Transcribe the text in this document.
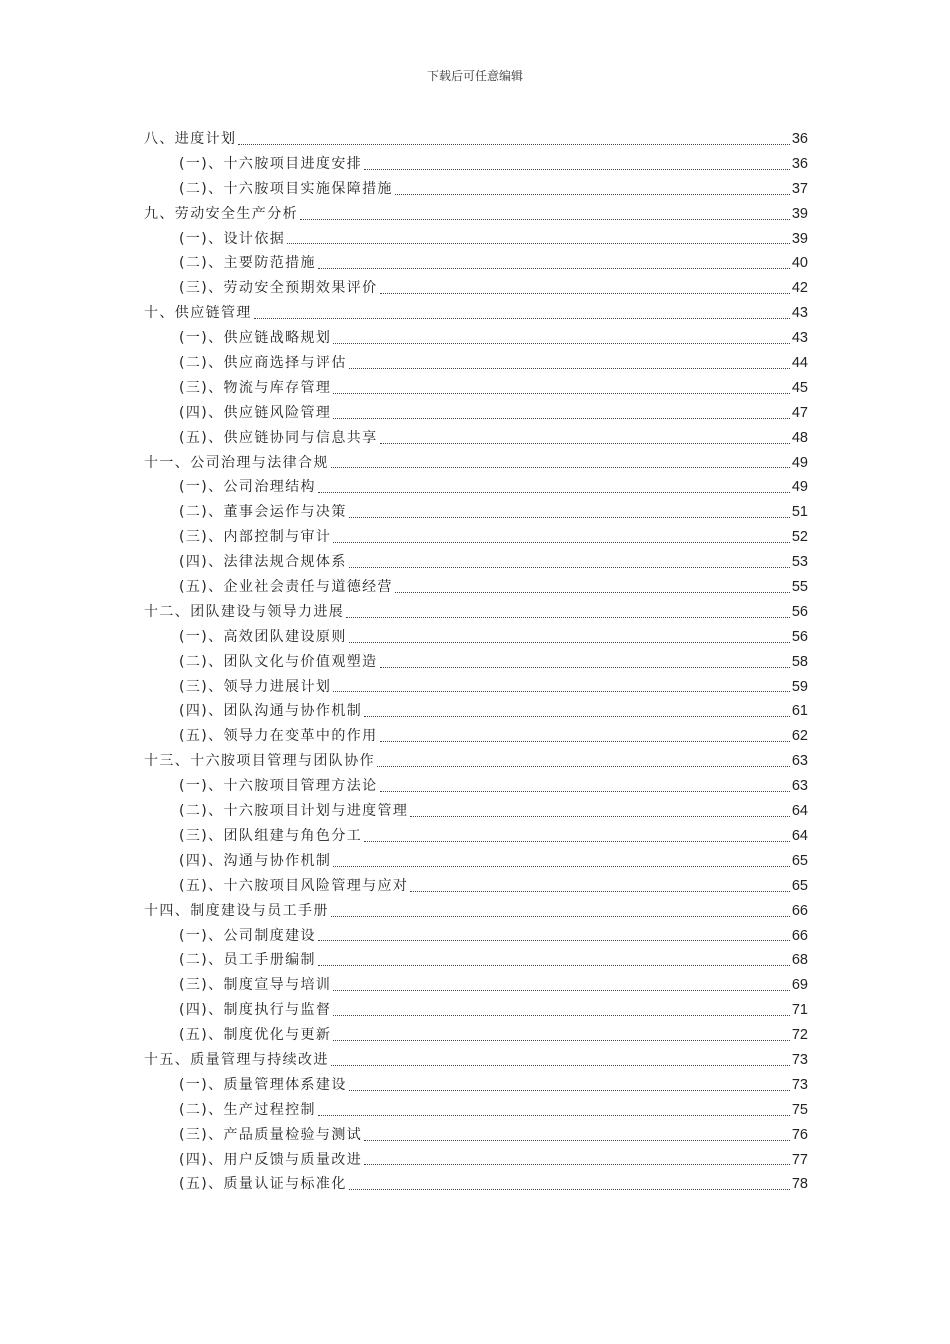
下载后可任意编辑
八、进度计划	36
(一)、十六胺项目进度安排	36
(二)、十六胺项目实施保障措施	37
九、劳动安全生产分析	39
(一)、设计依据	39
(二)、主要防范措施	40
(三)、劳动安全预期效果评价	42
十、供应链管理	43
(一)、供应链战略规划	43
(二)、供应商选择与评估	44
(三)、物流与库存管理	45
(四)、供应链风险管理	47
(五)、供应链协同与信息共享	48
十一、公司治理与法律合规	49
(一)、公司治理结构	49
(二)、董事会运作与决策	51
(三)、内部控制与审计	52
(四)、法律法规合规体系	53
(五)、企业社会责任与道德经营	55
十二、团队建设与领导力进展	56
(一)、高效团队建设原则	56
(二)、团队文化与价值观塑造	58
(三)、领导力进展计划	59
(四)、团队沟通与协作机制	61
(五)、领导力在变革中的作用	62
十三、十六胺项目管理与团队协作	63
(一)、十六胺项目管理方法论	63
(二)、十六胺项目计划与进度管理	64
(三)、团队组建与角色分工	64
(四)、沟通与协作机制	65
(五)、十六胺项目风险管理与应对	65
十四、制度建设与员工手册	66
(一)、公司制度建设	66
(二)、员工手册编制	68
(三)、制度宣导与培训	69
(四)、制度执行与监督	71
(五)、制度优化与更新	72
十五、质量管理与持续改进	73
(一)、质量管理体系建设	73
(二)、生产过程控制	75
(三)、产品质量检验与测试	76
(四)、用户反馈与质量改进	77
(五)、质量认证与标准化	78
